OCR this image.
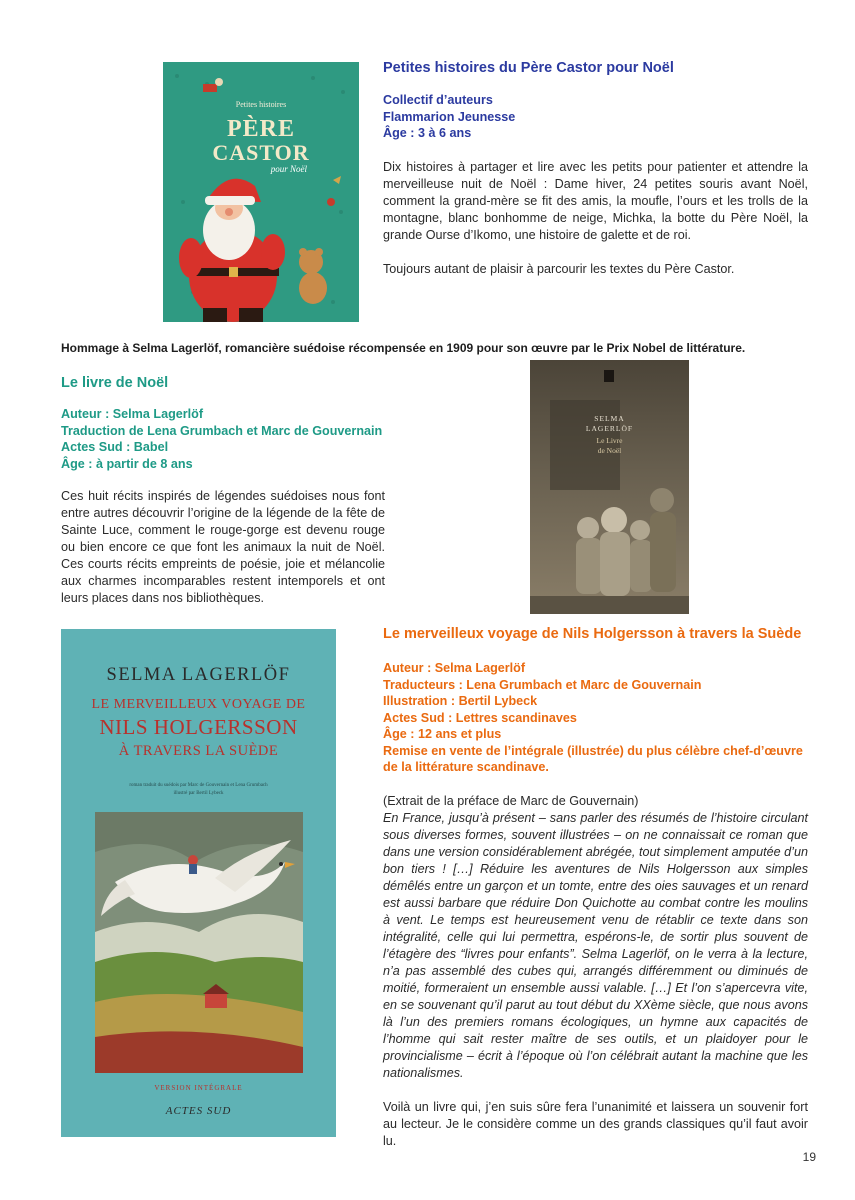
Petites histoires
PÈRE
CASTOR
pour Noël

Petites histoires du Père Castor pour Noël

Collectif d’auteurs

Flammarion Jeunesse

Âge : 3 à 6 ans

Dix histoires à partager et lire avec les petits pour patienter et attendre la merveilleuse nuit de Noël : Dame hiver, 24 petites souris avant Noël, comment la grand-mère se fit des amis, la moufle, l’ours et les trolls de la montagne, blanc bonhomme de neige, Michka, la botte du Père Noël, la grande Ourse d’Ikomo, une histoire de galette et de roi.

Toujours autant de plaisir à parcourir les textes du Père Castor.

Hommage à Selma Lagerlöf, romancière suédoise récompensée en 1909 pour son œuvre par le Prix Nobel de littérature.

Le livre de Noël

Auteur : Selma Lagerlöf

Traduction de Lena Grumbach et Marc de Gouvernain

Actes Sud : Babel

Âge : à partir de 8 ans

Ces huit récits inspirés de légendes suédoises nous font entre autres découvrir l’origine de la légende de la fête de Sainte Luce, comment le rouge-gorge est devenu rouge ou bien encore ce que font les animaux la nuit de Noël. Ces courts récits empreints de poésie, joie et mélancolie aux charmes incomparables restent intemporels et ont leurs places dans nos bibliothèques.

SELMA
LAGERLÖF
Le Livre
de Noël
SELMA LAGERLÖF
LE MERVEILLEUX VOYAGE DE
NILS HOLGERSSON
À TRAVERS LA SUÈDE
roman traduit du suédois par Marc de Gouvernain et Lena Grumbach
illustré par Bertil Lybeck
VERSION INTÉGRALE
ACTES SUD

Le merveilleux voyage de Nils Holgersson à travers la Suède

Auteur : Selma Lagerlöf

Traducteurs : Lena Grumbach et Marc de Gouvernain

Illustration : Bertil Lybeck

Actes Sud : Lettres scandinaves

Âge : 12 ans et plus

Remise en vente de l’intégrale (illustrée) du plus célèbre chef-d’œuvre de la littérature scandinave.

(Extrait de la préface de Marc de Gouvernain)

En France, jusqu’à présent – sans parler des résumés de l’histoire circulant sous diverses formes, souvent illustrées – on ne connaissait ce roman que dans une version considérablement abrégée, tout simplement amputée d’un bon tiers ! […] Réduire les aventures de Nils Holgersson aux simples démêlés entre un garçon et un tomte, entre des oies sauvages et un renard est aussi barbare que réduire Don Quichotte au combat contre les moulins à vent. Le temps est heureusement venu de rétablir ce texte dans son intégralité, celle qui lui permettra, espérons-le, de sortir plus souvent de l’étagère des “livres pour enfants”. Selma Lagerlöf, on le verra à la lecture, n’a pas assemblé des cubes qui, arrangés différemment ou diminués de moitié, formeraient un ensemble aussi valable. […] Et l’on s’apercevra vite, en se souvenant qu’il parut au tout début du XXème siècle, que nous avons là l’un des premiers romans écologiques, un hymne aux capacités de l’homme qui sait rester maître de ses outils, et un plaidoyer pour le provincialisme – écrit à l’époque où l’on célébrait autant la machine que les nationalismes.

Voilà un livre qui, j’en suis sûre fera l’unanimité et laissera un souvenir fort au lecteur. Je le considère comme un des grands classiques qu’il faut avoir lu.

19
